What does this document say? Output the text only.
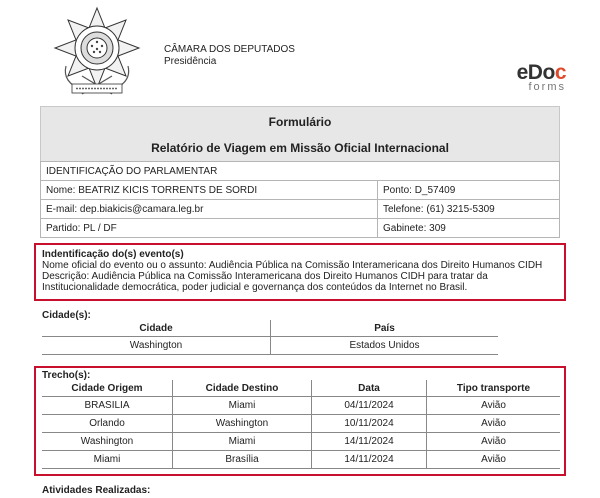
CÂMARA DOS DEPUTADOS
Presidência	eDoc
forms
Formulário
Relatório de Viagem em Missão Oficial Internacional
IDENTIFICAÇÃO DO PARLAMENTAR	
Nome: BEATRIZ KICIS TORRENTS DE SORDI	Ponto: D_57409
E-mail: dep.biakicis@camara.leg.br	Telefone: (61) 3215-5309
Partido: PL / DF	Gabinete: 309
Indentificação do(s) evento(s)
Nome oficial do evento ou o assunto: Audiência Pública na Comissão Interamericana dos Direito Humanos CIDH
Descrição: Audiência Pública na Comissão Interamericana dos Direito Humanos CIDH para tratar da
Institucionalidade democrática, poder judicial e governança dos conteúdos da Internet no Brasil.
Cidade(s):
Cidade	País
Washington	Estados Unidos
Trecho(s):
Cidade Origem	Cidade Destino	Data	Tipo transporte
BRASILIA	Miami	04/11/2024	Avião
Orlando	Washington	10/11/2024	Avião
Washington	Miami	14/11/2024	Avião
Miami	Brasília	14/11/2024	Avião
Atividades Realizadas:
